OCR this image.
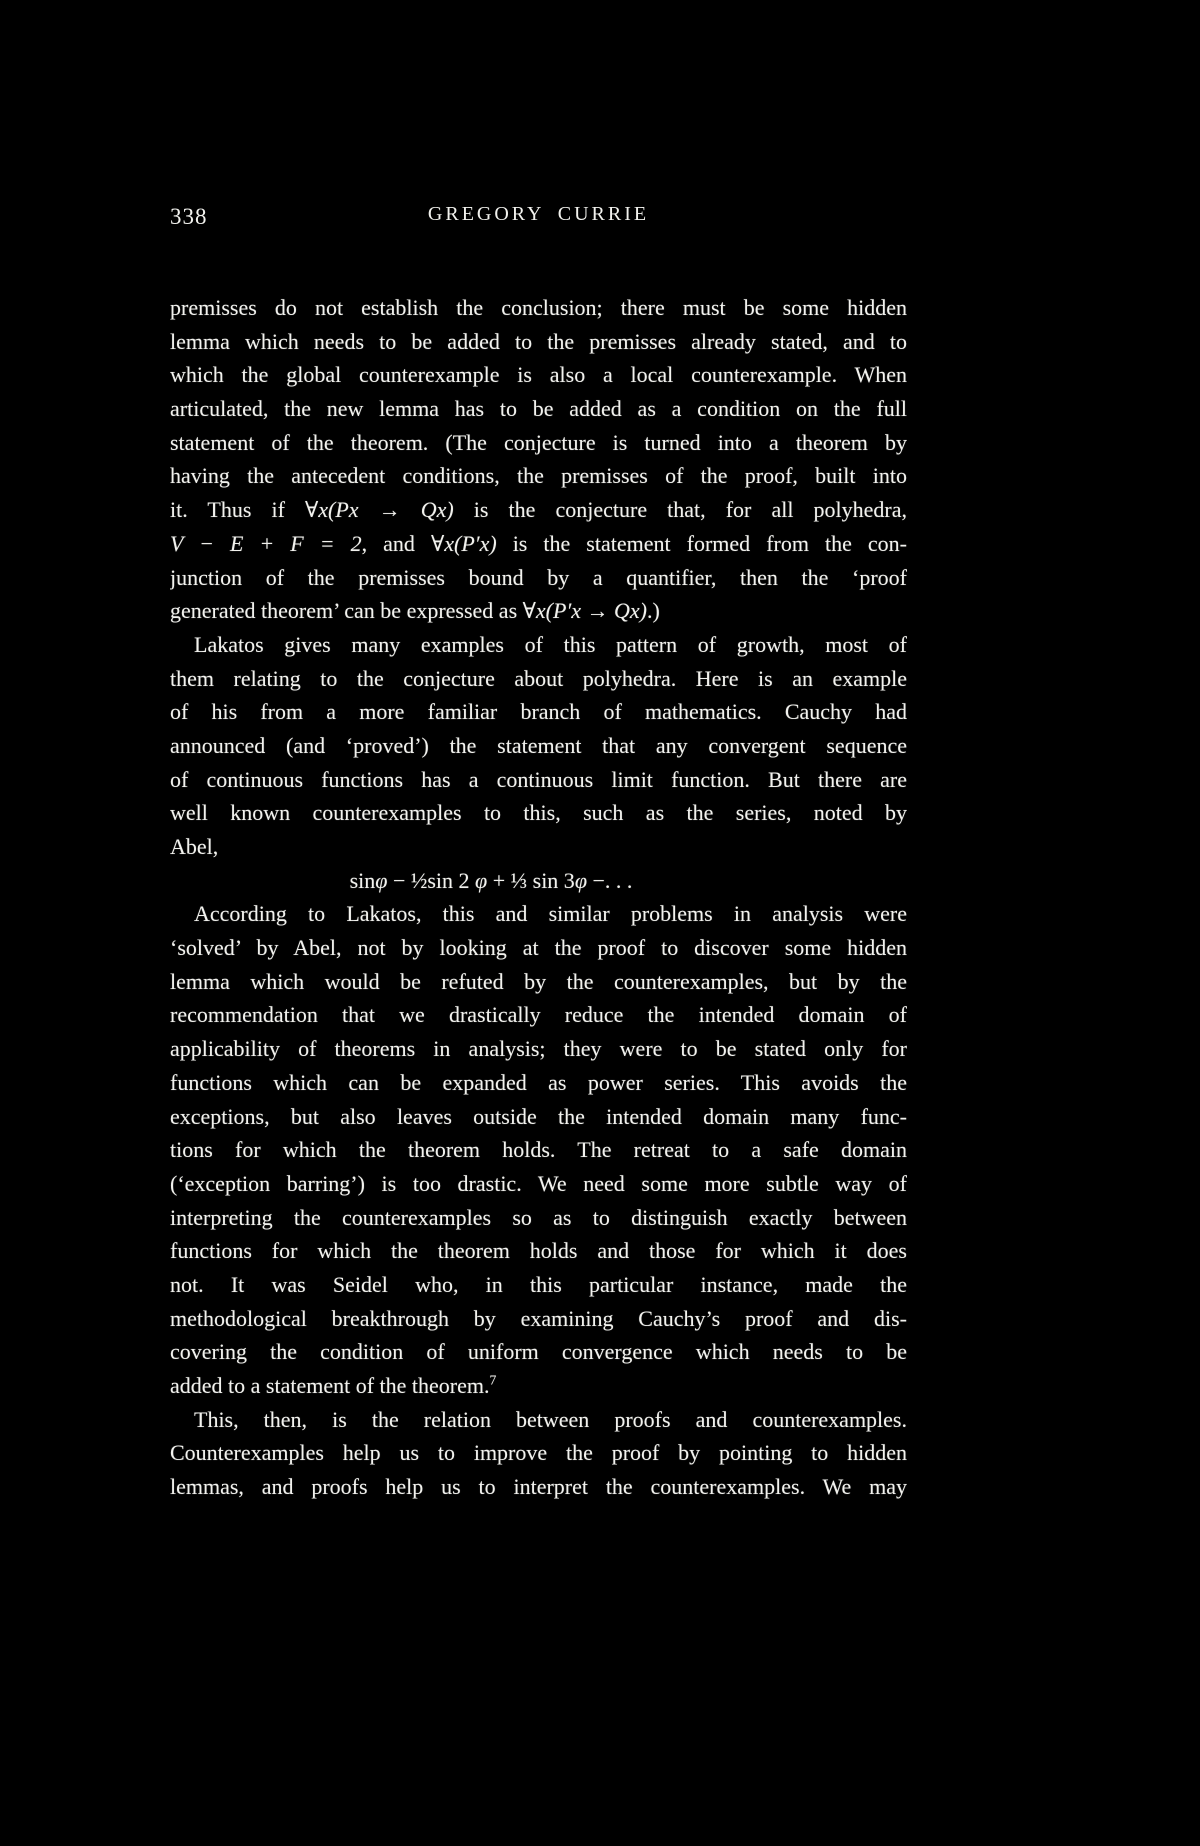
338	GREGORY CURRIE
premisses do not establish the conclusion; there must be some hidden
lemma which needs to be added to the premisses already stated, and to
which the global counterexample is also a local counterexample. When
articulated, the new lemma has to be added as a condition on the full
statement of the theorem. (The conjecture is turned into a theorem by
having the antecedent conditions, the premisses of the proof, built into
it. Thus if ∀x(Px → Qx) is the conjecture that, for all polyhedra,
V − E + F = 2, and ∀x(P′x) is the statement formed from the con-
junction of the premisses bound by a quantifier, then the ‘proof
generated theorem’ can be expressed as ∀x(P′x → Qx).)
Lakatos gives many examples of this pattern of growth, most of
them relating to the conjecture about polyhedra. Here is an example
of his from a more familiar branch of mathematics. Cauchy had
announced (and ‘proved’) the statement that any convergent sequence
of continuous functions has a continuous limit function. But there are
well known counterexamples to this, such as the series, noted by
Abel,
sinφ − ½sin 2 φ + ⅓ sin 3φ −. . .
According to Lakatos, this and similar problems in analysis were
‘solved’ by Abel, not by looking at the proof to discover some hidden
lemma which would be refuted by the counterexamples, but by the
recommendation that we drastically reduce the intended domain of
applicability of theorems in analysis; they were to be stated only for
functions which can be expanded as power series. This avoids the
exceptions, but also leaves outside the intended domain many func-
tions for which the theorem holds. The retreat to a safe domain
(‘exception barring’) is too drastic. We need some more subtle way of
interpreting the counterexamples so as to distinguish exactly between
functions for which the theorem holds and those for which it does
not. It was Seidel who, in this particular instance, made the
methodological breakthrough by examining Cauchy’s proof and dis-
covering the condition of uniform convergence which needs to be
added to a statement of the theorem.$^7$
This, then, is the relation between proofs and counterexamples.
Counterexamples help us to improve the proof by pointing to hidden
lemmas, and proofs help us to interpret the counterexamples. We may
